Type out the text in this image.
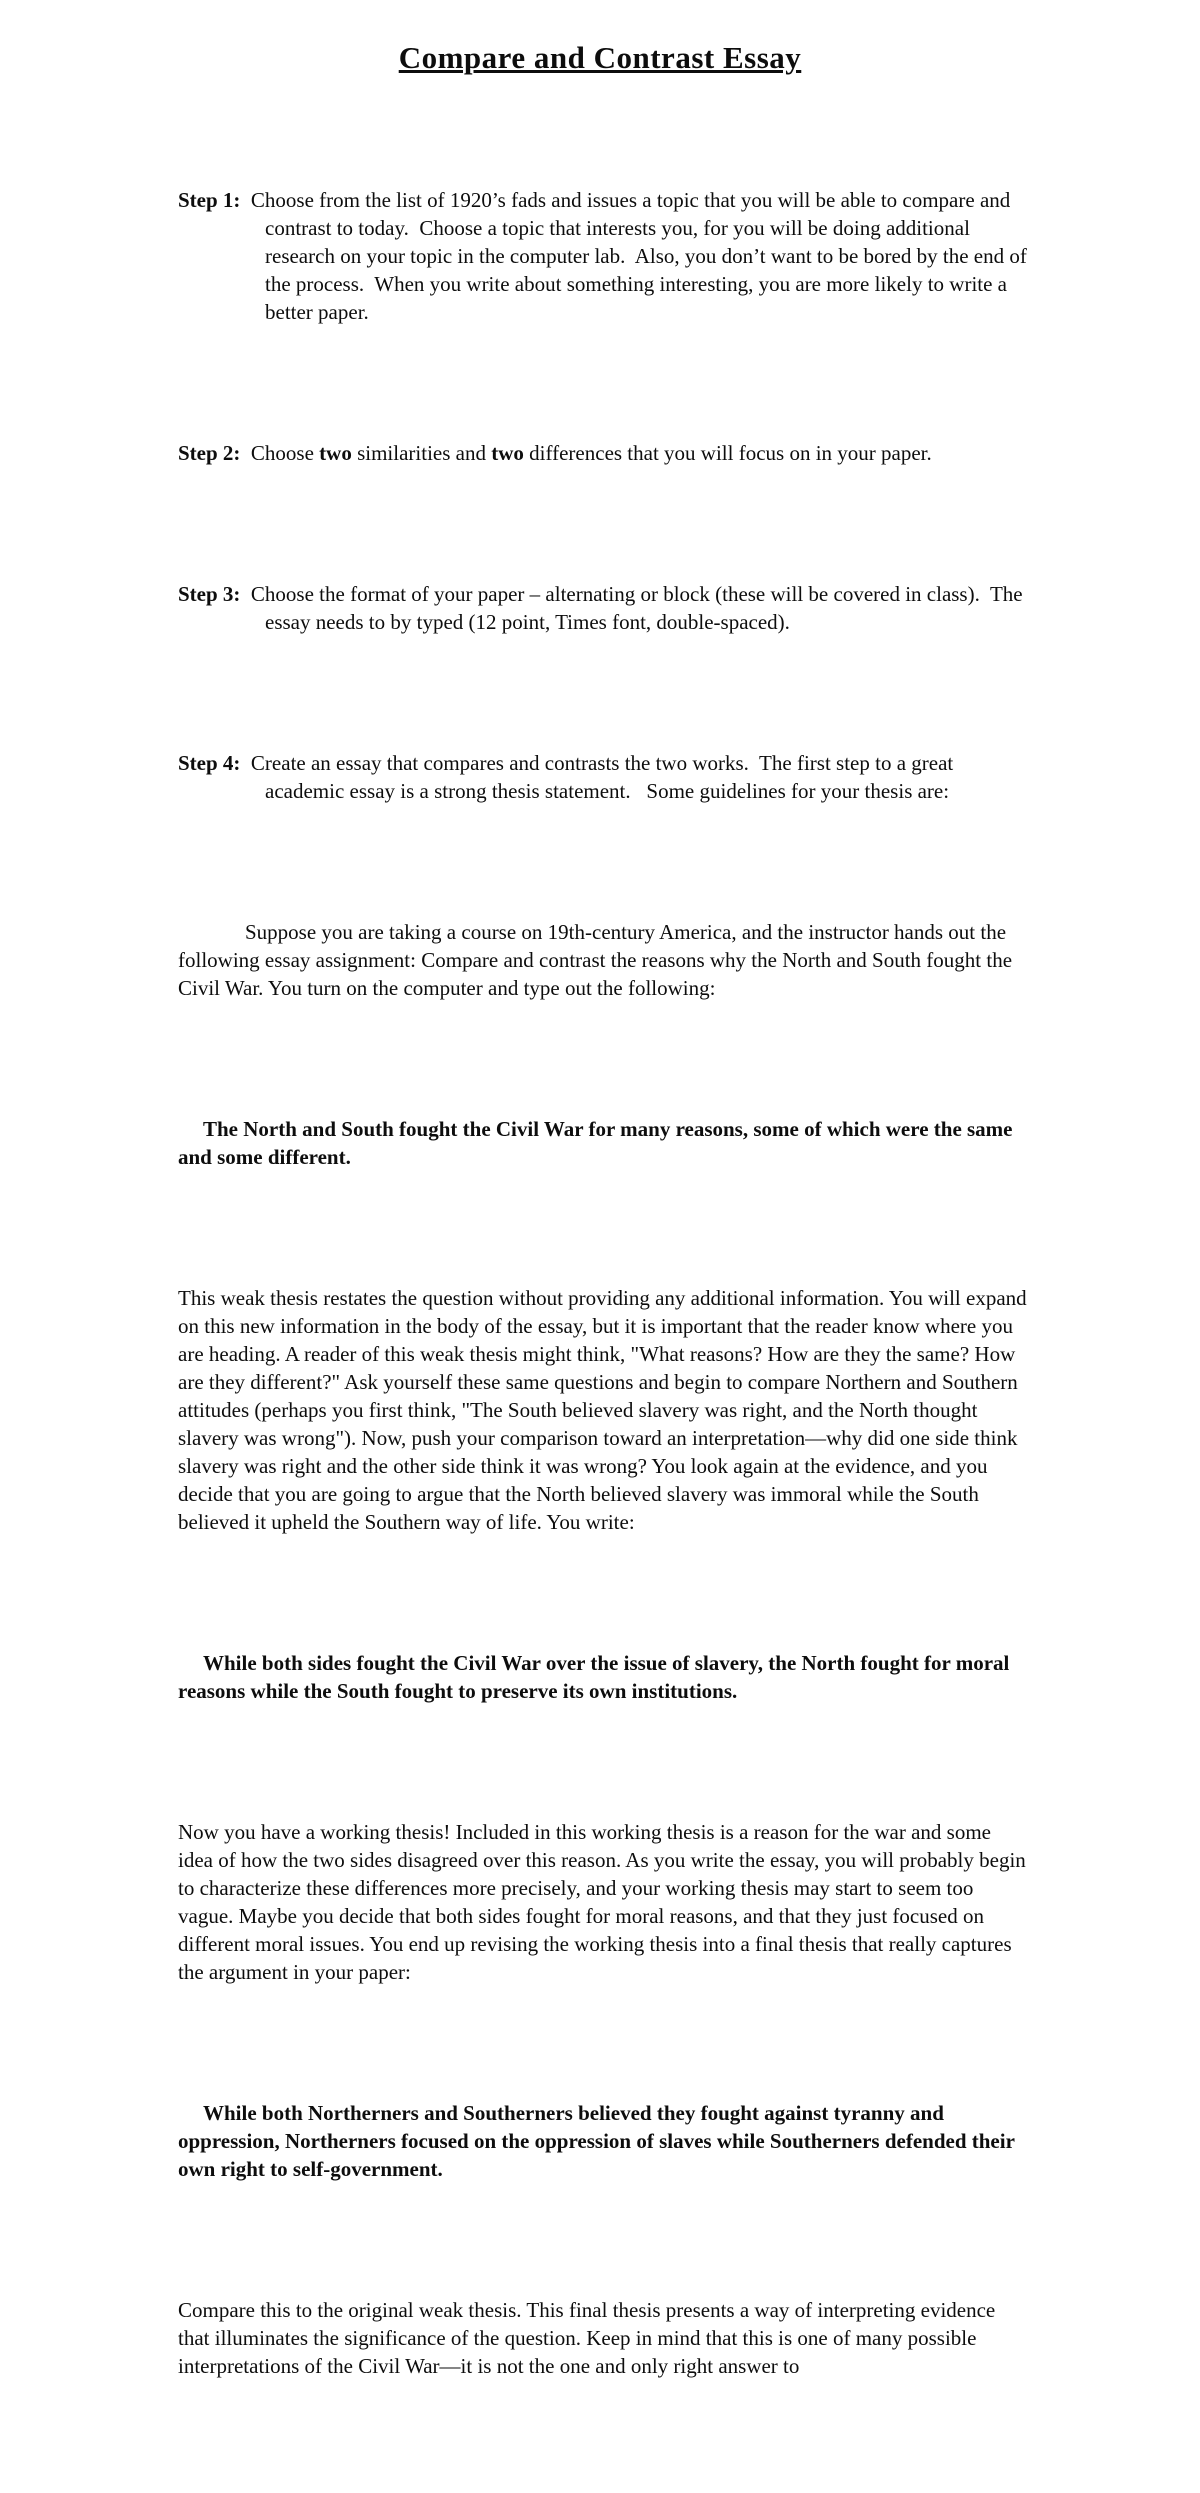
Compare and Contrast Essay

Step 1:  Choose from the list of 1920’s fads and issues a topic that you will be able to compare and contrast to today.  Choose a topic that interests you, for you will be doing additional research on your topic in the computer lab.  Also, you don’t want to be bored by the end of the process.  When you write about something interesting, you are more likely to write a better paper.

Step 2:  Choose two similarities and two differences that you will focus on in your paper.

Step 3:  Choose the format of your paper – alternating or block (these will be covered in class).  The essay needs to by typed (12 point, Times font, double-spaced).

Step 4:  Create an essay that compares and contrasts the two works.  The first step to a great academic essay is a strong thesis statement.   Some guidelines for your thesis are:

Suppose you are taking a course on 19th-century America, and the instructor hands out the following essay assignment: Compare and contrast the reasons why the North and South fought the Civil War. You turn on the computer and type out the following:

The North and South fought the Civil War for many reasons, some of which were the same and some different.

This weak thesis restates the question without providing any additional information. You will expand on this new information in the body of the essay, but it is important that the reader know where you are heading. A reader of this weak thesis might think, "What reasons? How are they the same? How are they different?" Ask yourself these same questions and begin to compare Northern and Southern attitudes (perhaps you first think, "The South believed slavery was right, and the North thought slavery was wrong"). Now, push your comparison toward an interpretation—why did one side think slavery was right and the other side think it was wrong? You look again at the evidence, and you decide that you are going to argue that the North believed slavery was immoral while the South believed it upheld the Southern way of life. You write:

While both sides fought the Civil War over the issue of slavery, the North fought for moral reasons while the South fought to preserve its own institutions.

Now you have a working thesis! Included in this working thesis is a reason for the war and some idea of how the two sides disagreed over this reason. As you write the essay, you will probably begin to characterize these differences more precisely, and your working thesis may start to seem too vague. Maybe you decide that both sides fought for moral reasons, and that they just focused on different moral issues. You end up revising the working thesis into a final thesis that really captures the argument in your paper:

While both Northerners and Southerners believed they fought against tyranny and oppression, Northerners focused on the oppression of slaves while Southerners defended their own right to self-government.

Compare this to the original weak thesis. This final thesis presents a way of interpreting evidence that illuminates the significance of the question. Keep in mind that this is one of many possible interpretations of the Civil War—it is not the one and only right answer to
